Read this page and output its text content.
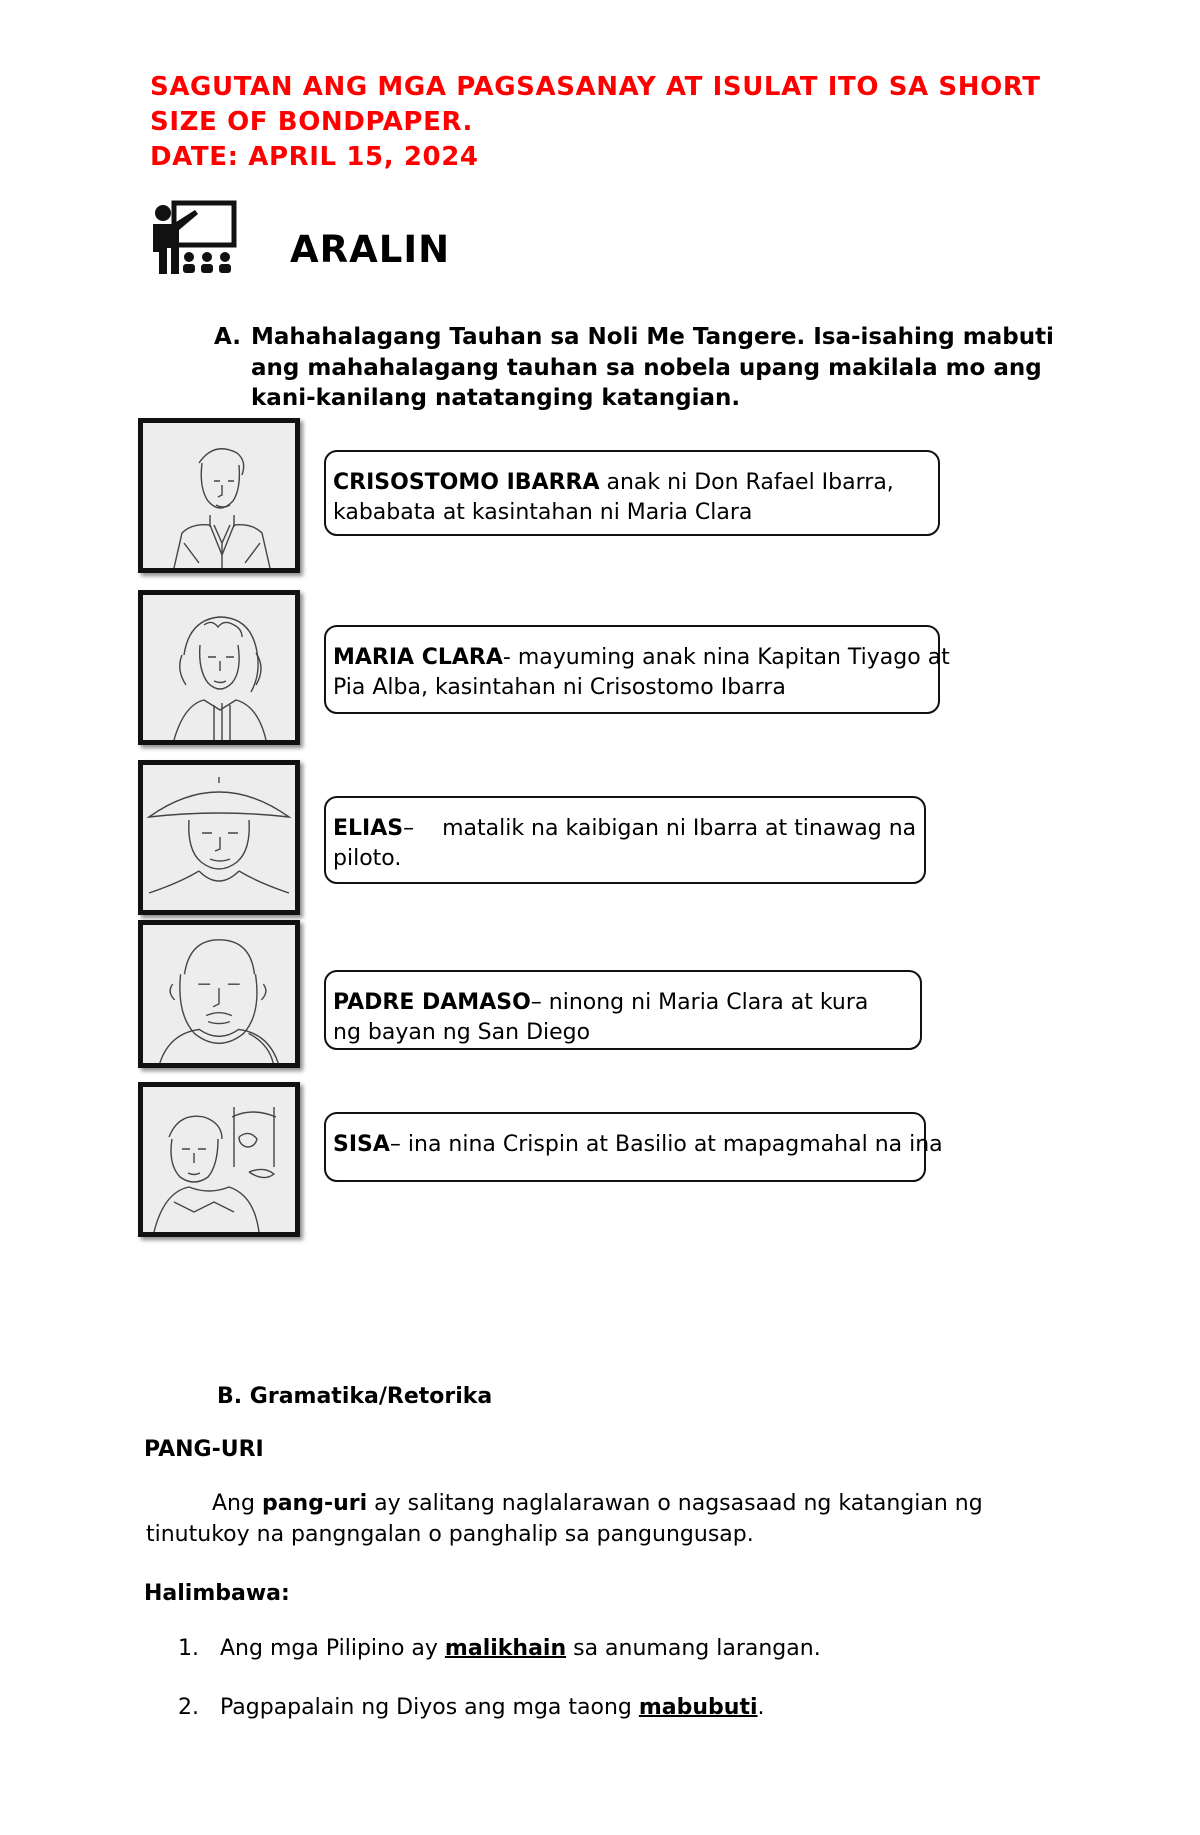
SAGUTAN ANG MGA PAGSASANAY AT ISULAT ITO SA SHORT
SIZE OF BONDPAPER.
DATE: APRIL 15, 2024
ARALIN
A. Mahahalagang Tauhan sa Noli Me Tangere. Isa-isahing mabuti ang mahahalagang tauhan sa nobela upang makilala mo ang kani-kanilang natatanging katangian.
CRISOSTOMO IBARRA anak ni Don Rafael Ibarra,
kababata at kasintahan ni Maria Clara
MARIA CLARA- mayuming anak nina Kapitan Tiyago at
Pia Alba, kasintahan ni Crisostomo Ibarra
ELIAS–    matalik na kaibigan ni Ibarra at tinawag na
piloto.
PADRE DAMASO– ninong ni Maria Clara at kura
ng bayan ng San Diego
SISA– ina nina Crispin at Basilio at mapagmahal na ina
B. Gramatika/Retorika
PANG-URI
Ang pang-uri ay salitang naglalarawan o nagsasaad ng katangian ng tinutukoy na pangngalan o panghalip sa pangungusap.
Halimbawa:
1. Ang mga Pilipino ay malikhain sa anumang larangan.
2. Pagpapalain ng Diyos ang mga taong mabubuti.
